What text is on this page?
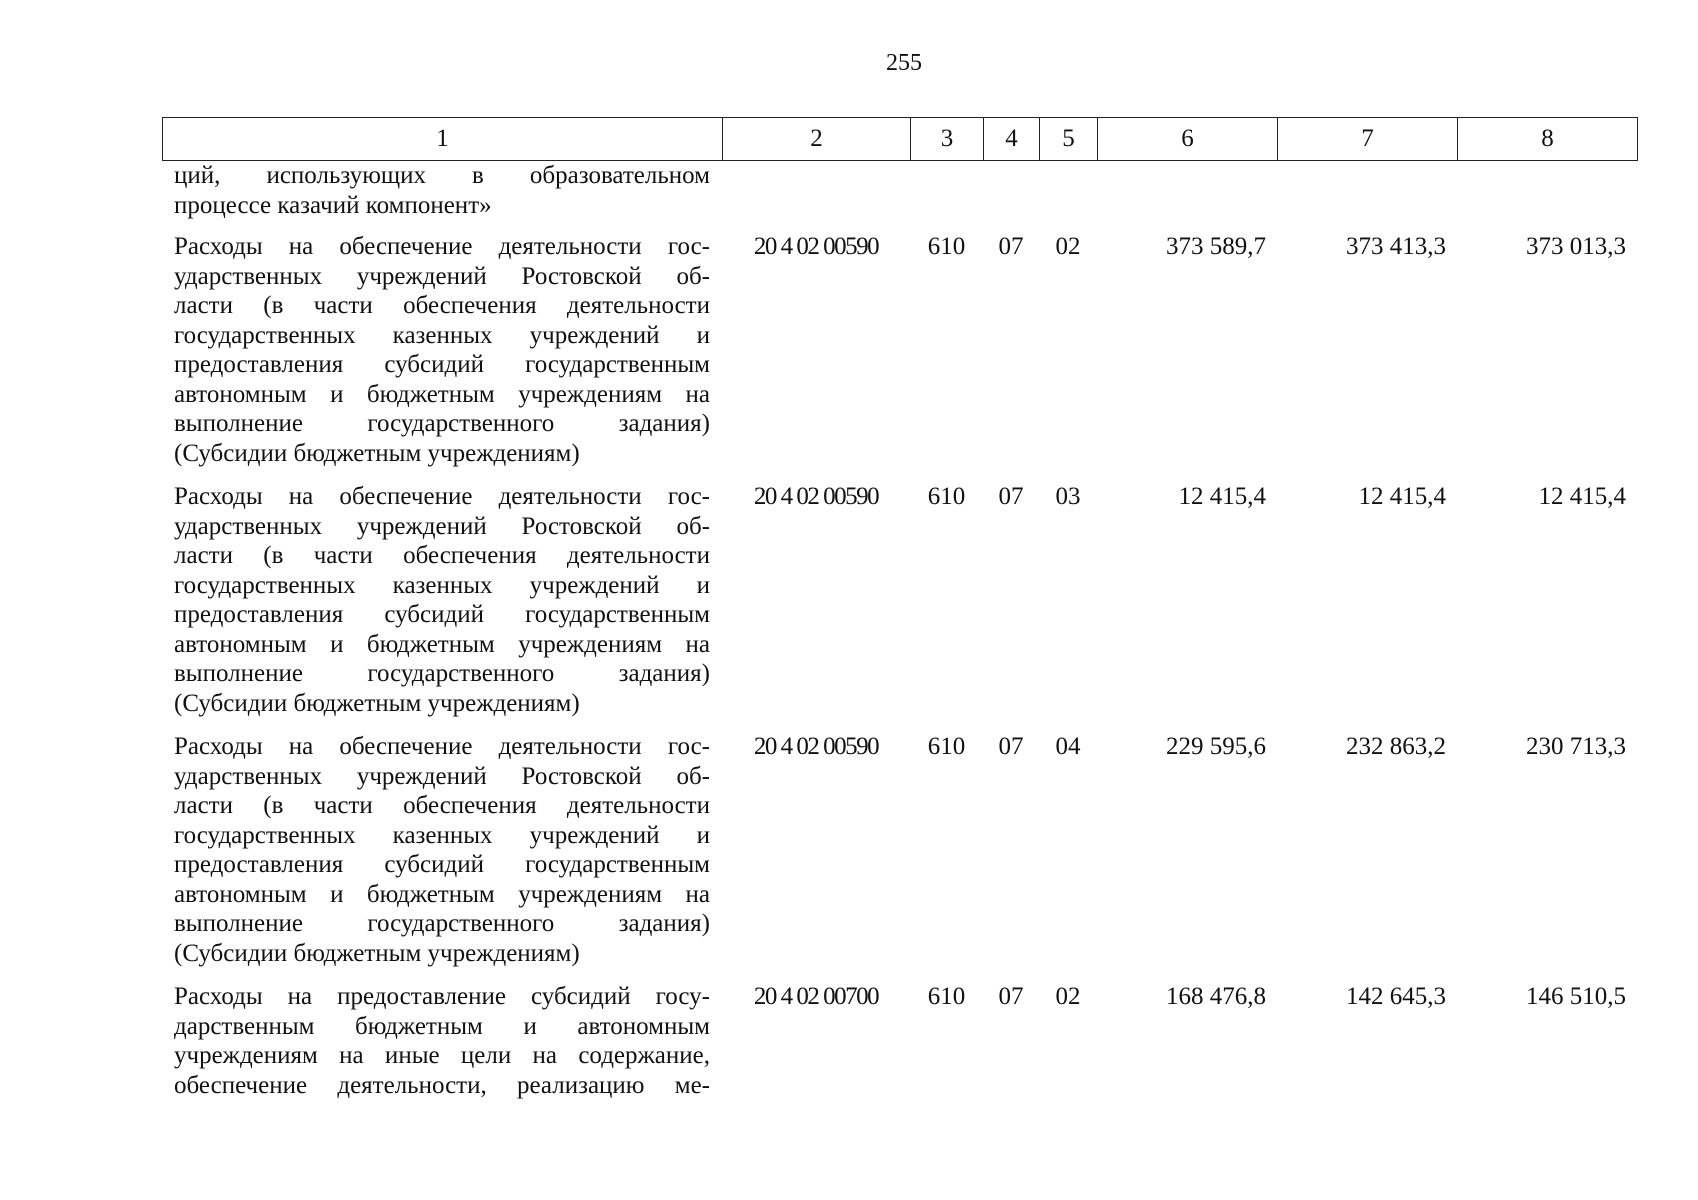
255
1	2	3	4	5	6	7	8
ций, использующих в образовательном
процессе казачий компонент»
Расходы на обеспечение деятельности гос-
ударственных учреждений Ростовской об-
ласти (в части обеспечения деятельности
государственных казенных учреждений и
предоставления субсидий государственным
автономным и бюджетным учреждениям на
выполнение государственного задания)
(Субсидии бюджетным учреждениям)
20 4 02 00590	610	07	02	373 589,7	373 413,3	373 013,3
Расходы на обеспечение деятельности гос-
ударственных учреждений Ростовской об-
ласти (в части обеспечения деятельности
государственных казенных учреждений и
предоставления субсидий государственным
автономным и бюджетным учреждениям на
выполнение государственного задания)
(Субсидии бюджетным учреждениям)
20 4 02 00590	610	07	03	12 415,4	12 415,4	12 415,4
Расходы на обеспечение деятельности гос-
ударственных учреждений Ростовской об-
ласти (в части обеспечения деятельности
государственных казенных учреждений и
предоставления субсидий государственным
автономным и бюджетным учреждениям на
выполнение государственного задания)
(Субсидии бюджетным учреждениям)
20 4 02 00590	610	07	04	229 595,6	232 863,2	230 713,3
Расходы на предоставление субсидий госу-
дарственным бюджетным и автономным
учреждениям на иные цели на содержание,
обеспечение деятельности, реализацию ме-
20 4 02 00700	610	07	02	168 476,8	142 645,3	146 510,5
